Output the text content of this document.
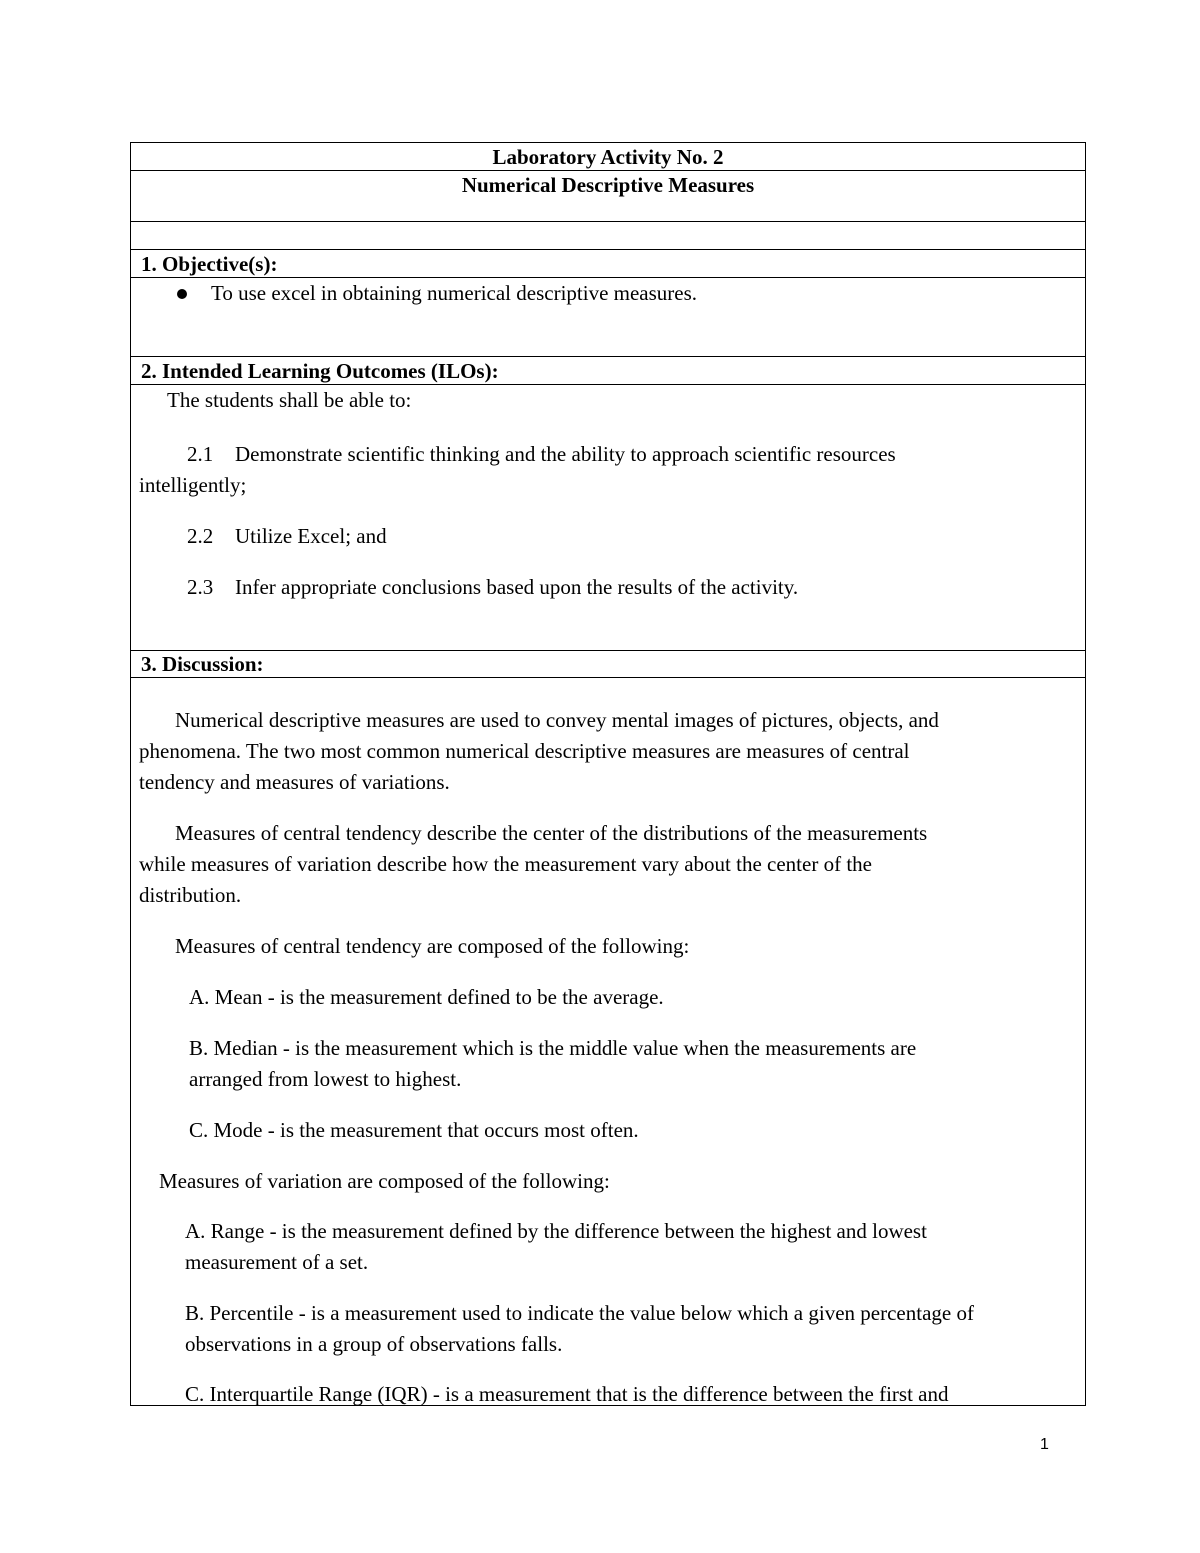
Laboratory Activity No. 2
Numerical Descriptive Measures
1. Objective(s):
To use excel in obtaining numerical descriptive measures.
2. Intended Learning Outcomes (ILOs):
The students shall be able to:
2.1 Demonstrate scientific thinking and the ability to approach scientific resources
intelligently;
2.2 Utilize Excel; and
2.3 Infer appropriate conclusions based upon the results of the activity.
3. Discussion:
Numerical descriptive measures are used to convey mental images of pictures, objects, and
phenomena. The two most common numerical descriptive measures are measures of central
tendency and measures of variations.
Measures of central tendency describe the center of the distributions of the measurements
while measures of variation describe how the measurement vary about the center of the
distribution.
Measures of central tendency are composed of the following:
A. Mean - is the measurement defined to be the average.
B. Median - is the measurement which is the middle value when the measurements are
arranged from lowest to highest.
C. Mode - is the measurement that occurs most often.
Measures of variation are composed of the following:
A. Range - is the measurement defined by the difference between the highest and lowest
measurement of a set.
B. Percentile - is a measurement used to indicate the value below which a given percentage of
observations in a group of observations falls.
C. Interquartile Range (IQR) - is a measurement that is the difference between the first and
1
